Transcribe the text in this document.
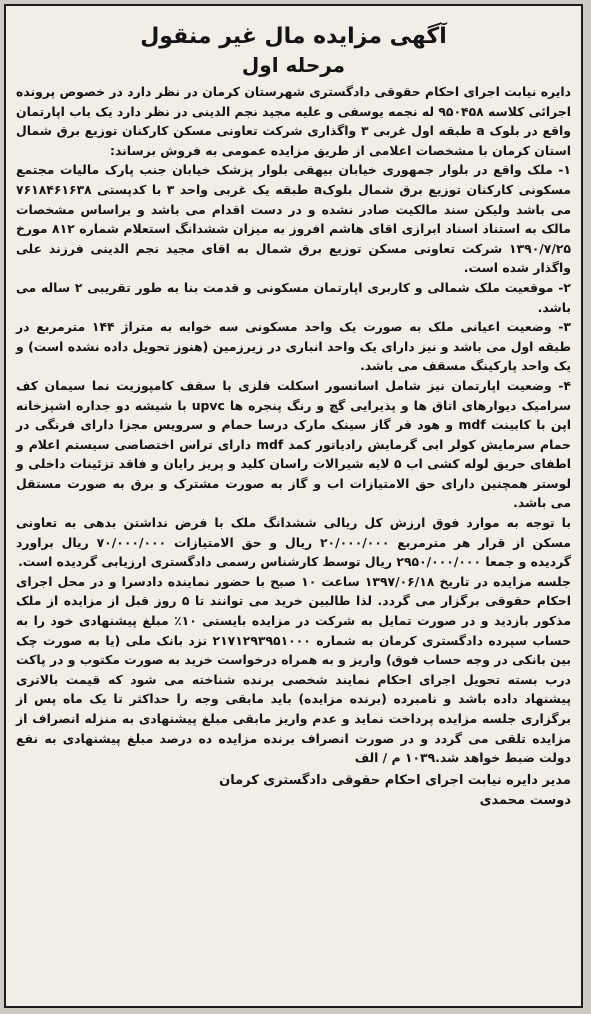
آگهی مزایده مال غیر منقول
مرحله اول

دایره نیابت اجرای احکام حقوقی دادگستری شهرستان کرمان در نظر دارد در خصوص پرونده اجرائی کلاسه ۹۵۰۴۵۸ له نجمه یوسفی و علیه مجید نجم الدینی در نظر دارد یک باب اپارتمان واقع در بلوک a طبقه اول غربی ۳ واگذاری شرکت تعاونی مسکن کارکنان توزیع برق شمال استان کرمان با مشخصات اعلامی از طریق مزایده عمومی به فروش برساند:

۱- ملک واقع در بلوار جمهوری خیابان بیهقی بلوار پزشک خیابان جنب پارک مالیات مجتمع مسکونی کارکنان توزیع برق شمال بلوکa طبقه یک غربی واحد ۳ با کدپستی ۷۶۱۸۴۶۱۶۳۸ می باشد ولیکن سند مالکیت صادر نشده و در دست اقدام می باشد و براساس مشخصات مالک به استناد اسناد ابرازی اقای هاشم افروز به میزان ششدانگ استعلام شماره ۸۱۲ مورخ ۱۳۹۰/۷/۲۵ شرکت تعاونی مسکن توزیع برق شمال به اقای مجید نجم الدینی فرزند علی واگذار شده است.

۲- موقعیت ملک شمالی و کاربری اپارتمان مسکونی و قدمت بنا به طور تقریبی ۲ ساله می باشد.

۳- وضعیت اعیانی ملک به صورت یک واحد مسکونی سه خوابه به متراژ ۱۴۴ مترمربع در طبقه اول می باشد و نیز دارای یک واحد انباری در زیرزمین (هنوز تحویل داده نشده است) و یک واحد پارکینگ مسقف می باشد.

۴- وضعیت اپارتمان نیز شامل اسانسور اسکلت فلزی با سقف کامپوزیت نما سیمان کف سرامیک دیوارهای اتاق ها و پذیرایی گچ و رنگ پنجره ها upvc با شیشه دو جداره اشپزخانه اپن با کابینت mdf و هود فر گاز سینک مارک درسا حمام و سرویس مجزا دارای فرنگی در حمام سرمایش کولر ابی گرمایش رادیاتور کمد mdf دارای تراس اختصاصی سیستم اعلام و اطفای حریق لوله کشی اب ۵ لایه شیرالات راسان کلید و پریز رایان و فاقد تزئینات داخلی و لوستر همچنین دارای حق الامتیازات اب و گاز به صورت مشترک و برق به صورت مستقل می باشد.

با توجه به موارد فوق ارزش کل ریالی ششدانگ ملک با فرض نداشتن بدهی به تعاونی مسکن از قرار هر مترمربع ۲۰/۰۰۰/۰۰۰ ریال و حق الامتیازات ۷۰/۰۰۰/۰۰۰ ریال براورد گردیده و جمعا ۲۹۵۰/۰۰۰/۰۰۰ ریال توسط کارشناس رسمی دادگستری ارزیابی گردیده است.

جلسه مزایده در تاریخ ۱۳۹۷/۰۶/۱۸ ساعت ۱۰ صبح با حضور نماینده دادسرا و در محل اجرای احکام حقوقی برگزار می گردد. لذا طالبین خرید می توانند تا ۵ روز قبل از مزایده از ملک مذکور بازدید و در صورت تمایل به شرکت در مزایده بایستی ۱۰٪ مبلغ پیشنهادی خود را به حساب سپرده دادگستری کرمان به شماره ۲۱۷۱۲۹۳۹۵۱۰۰۰ نزد بانک ملی (یا به صورت چک بین بانکی در وجه حساب فوق) واریز و به همراه درخواست خرید به صورت مکتوب و در پاکت درب بسته تحویل اجرای احکام نمایند شخصی برنده شناخته می شود که قیمت بالاتری پیشنهاد داده باشد و نامبرده (برنده مزایده) باید مابقی وجه را حداکثر تا یک ماه پس از برگزاری جلسه مزایده پرداخت نماید و عدم واریز مابقی مبلغ پیشنهادی به منزله انصراف از مزایده تلقی می گردد و در صورت انصراف برنده مزایده ده درصد مبلغ پیشنهادی به نفع دولت ضبط خواهد شد.۱۰۳۹ م / الف

مدیر دایره نیابت اجرای احکام حقوقی دادگستری کرمان
دوست محمدی
